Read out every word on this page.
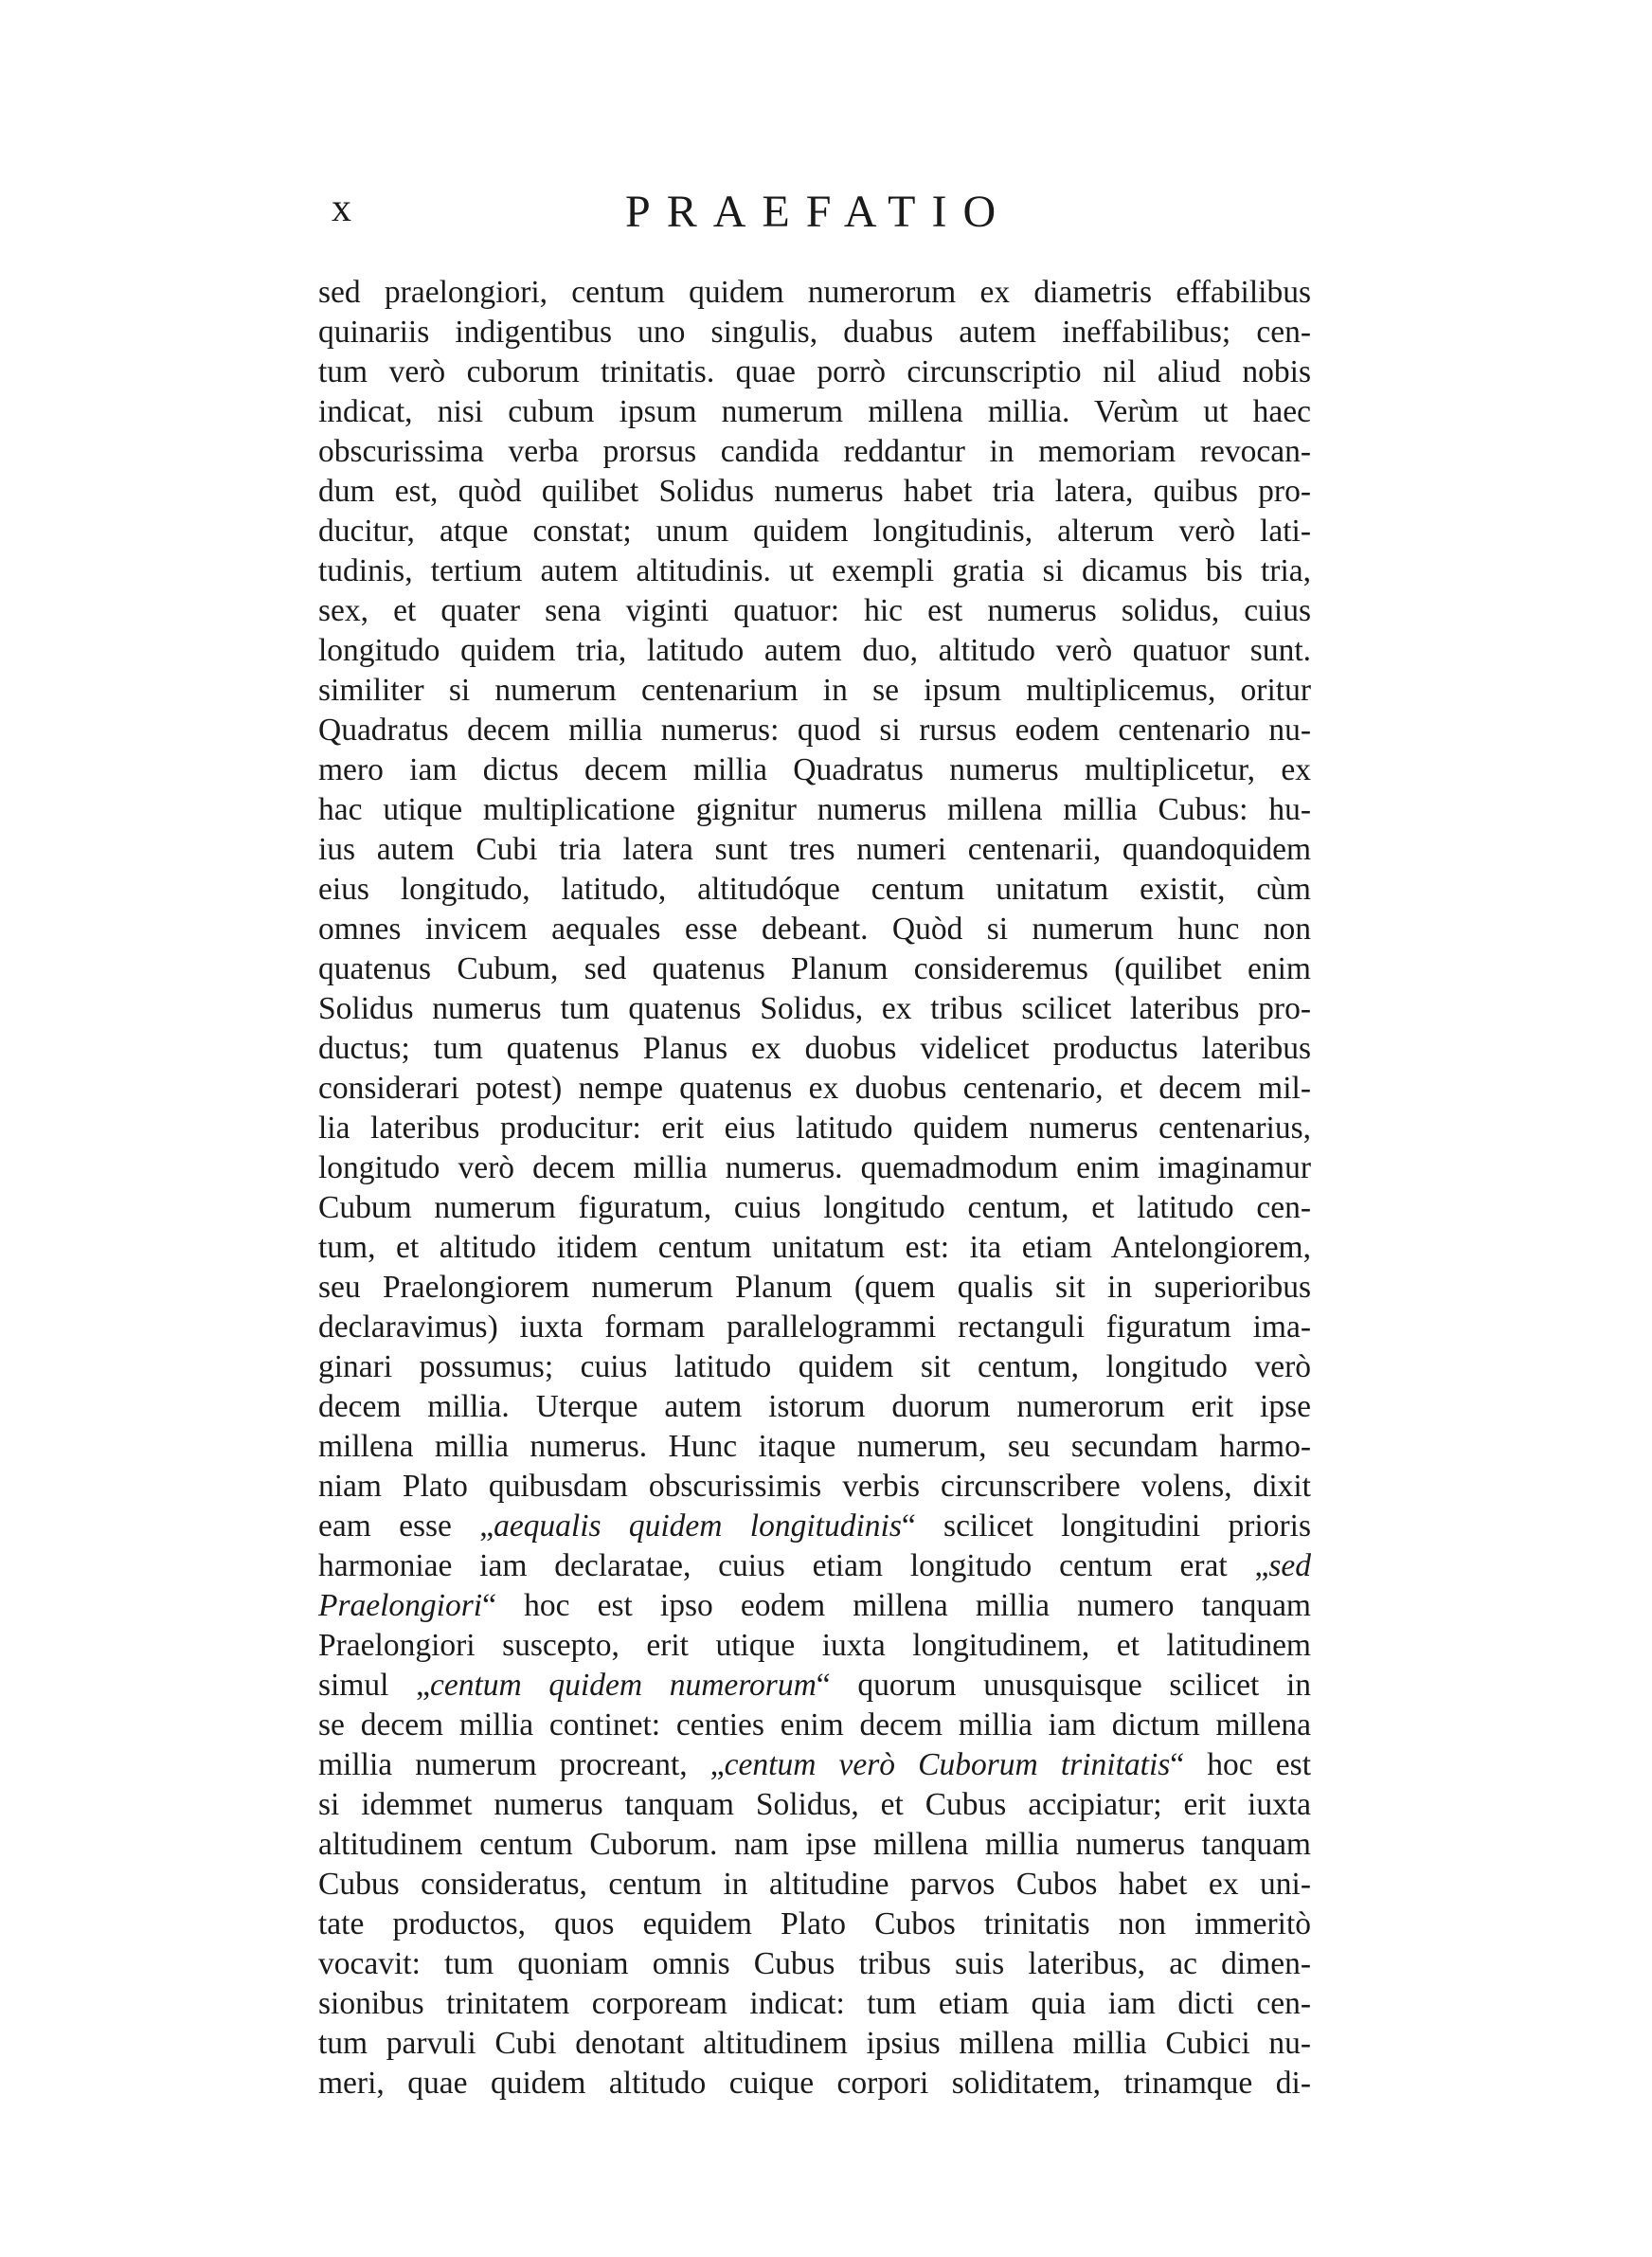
x	PRAEFATIO
sed praelongiori, centum quidem numerorum ex diametris effabilibus
quinariis indigentibus uno singulis, duabus autem ineffabilibus; cen-
tum verò cuborum trinitatis. quae porrò circunscriptio nil aliud nobis
indicat, nisi cubum ipsum numerum millena millia. Verùm ut haec
obscurissima verba prorsus candida reddantur in memoriam revocan-
dum est, quòd quilibet Solidus numerus habet tria latera, quibus pro-
ducitur, atque constat; unum quidem longitudinis, alterum verò lati-
tudinis, tertium autem altitudinis. ut exempli gratia si dicamus bis tria,
sex, et quater sena viginti quatuor: hic est numerus solidus, cuius
longitudo quidem tria, latitudo autem duo, altitudo verò quatuor sunt.
similiter si numerum centenarium in se ipsum multiplicemus, oritur
Quadratus decem millia numerus: quod si rursus eodem centenario nu-
mero iam dictus decem millia Quadratus numerus multiplicetur, ex
hac utique multiplicatione gignitur numerus millena millia Cubus: hu-
ius autem Cubi tria latera sunt tres numeri centenarii, quandoquidem
eius longitudo, latitudo, altitudóque centum unitatum existit, cùm
omnes invicem aequales esse debeant. Quòd si numerum hunc non
quatenus Cubum, sed quatenus Planum consideremus (quilibet enim
Solidus numerus tum quatenus Solidus, ex tribus scilicet lateribus pro-
ductus; tum quatenus Planus ex duobus videlicet productus lateribus
considerari potest) nempe quatenus ex duobus centenario, et decem mil-
lia lateribus producitur: erit eius latitudo quidem numerus centenarius,
longitudo verò decem millia numerus. quemadmodum enim imaginamur
Cubum numerum figuratum, cuius longitudo centum, et latitudo cen-
tum, et altitudo itidem centum unitatum est: ita etiam Antelongiorem,
seu Praelongiorem numerum Planum (quem qualis sit in superioribus
declaravimus) iuxta formam parallelogrammi rectanguli figuratum ima-
ginari possumus; cuius latitudo quidem sit centum, longitudo verò
decem millia. Uterque autem istorum duorum numerorum erit ipse
millena millia numerus. Hunc itaque numerum, seu secundam harmo-
niam Plato quibusdam obscurissimis verbis circunscribere volens, dixit
eam esse „aequalis quidem longitudinis“ scilicet longitudini prioris
harmoniae iam declaratae, cuius etiam longitudo centum erat „sed
Praelongiori“ hoc est ipso eodem millena millia numero tanquam
Praelongiori suscepto, erit utique iuxta longitudinem, et latitudinem
simul „centum quidem numerorum“ quorum unusquisque scilicet in
se decem millia continet: centies enim decem millia iam dictum millena
millia numerum procreant, „centum verò Cuborum trinitatis“ hoc est
si idemmet numerus tanquam Solidus, et Cubus accipiatur; erit iuxta
altitudinem centum Cuborum. nam ipse millena millia numerus tanquam
Cubus consideratus, centum in altitudine parvos Cubos habet ex uni-
tate productos, quos equidem Plato Cubos trinitatis non immeritò
vocavit: tum quoniam omnis Cubus tribus suis lateribus, ac dimen-
sionibus trinitatem corpoream indicat: tum etiam quia iam dicti cen-
tum parvuli Cubi denotant altitudinem ipsius millena millia Cubici nu-
meri, quae quidem altitudo cuique corpori soliditatem, trinamque di-
